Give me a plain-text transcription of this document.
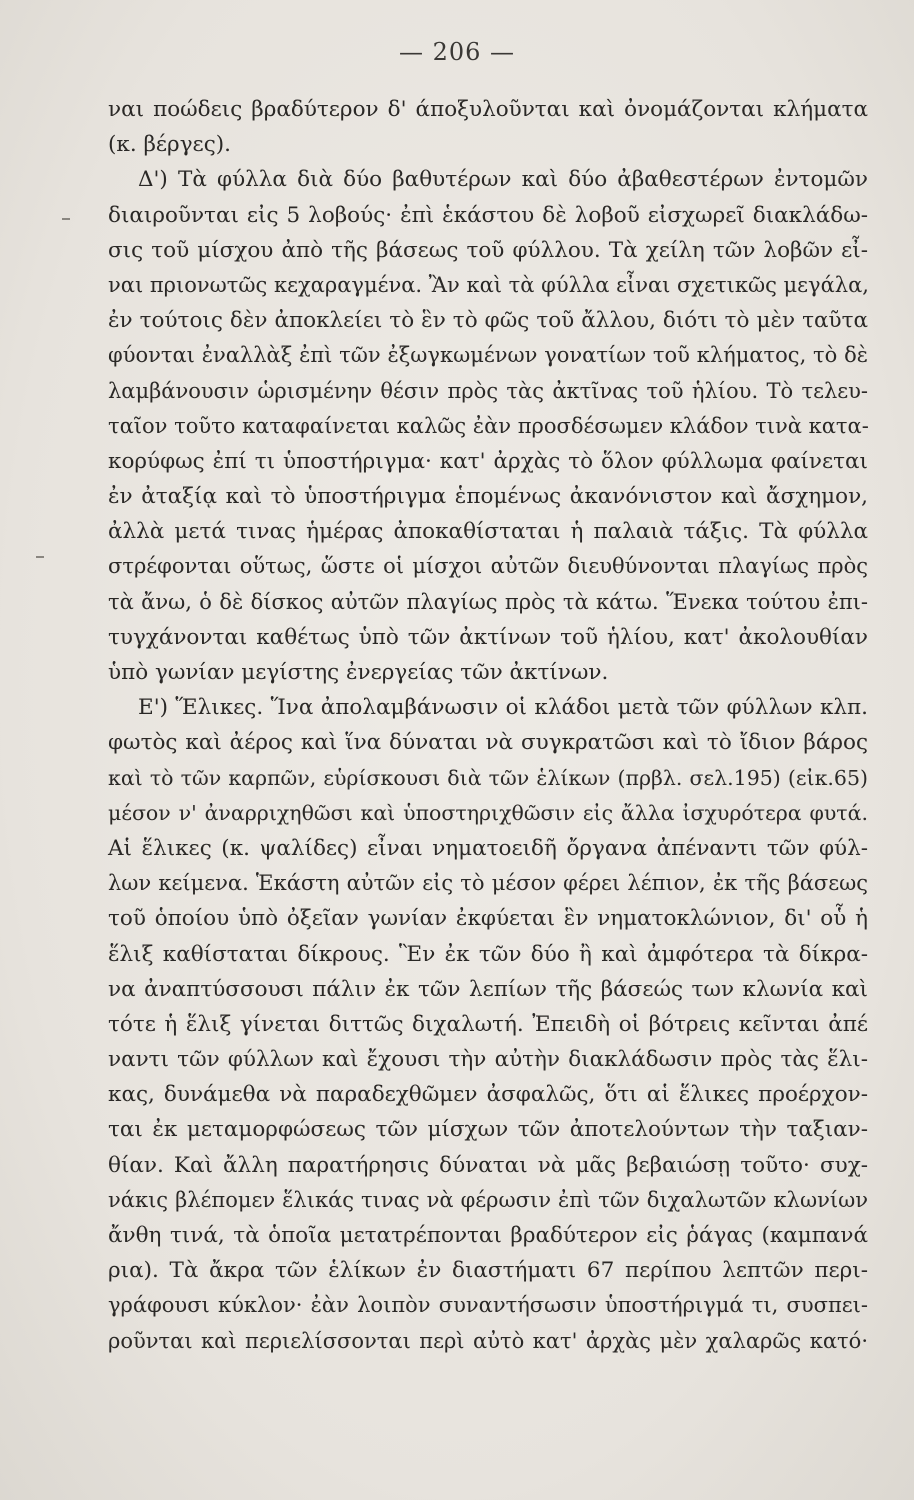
— 206 —
ναι ποώδεις βραδύτερον δ' άποξυλοῦνται καὶ ὀνομάζονται κλήματα
(κ. βέργες).
Δ') Τὰ φύλλα διὰ δύο βαθυτέρων καὶ δύο ἀβαθεστέρων ἐντομῶν
διαιροῦνται εἰς 5 λοβούς· ἐπὶ ἑκάστου δὲ λοβοῦ εἰσχωρεῖ διακλάδω-
σις τοῦ μίσχου ἀπὸ τῆς βάσεως τοῦ φύλλου. Τὰ χείλη τῶν λοβῶν εἶ-
ναι πριονωτῶς κεχαραγμένα. Ἂν καὶ τὰ φύλλα εἶναι σχετικῶς μεγάλα,
ἐν τούτοις δὲν ἀποκλείει τὸ ἓν τὸ φῶς τοῦ ἄλλου, διότι τὸ μὲν ταῦτα
φύονται ἐναλλὰξ ἐπὶ τῶν ἐξωγκωμένων γονατίων τοῦ κλήματος, τὸ δὲ
λαμβάνουσιν ὡρισμένην θέσιν πρὸς τὰς ἀκτῖνας τοῦ ἡλίου. Τὸ τελευ-
ταῖον τοῦτο καταφαίνεται καλῶς ἐὰν προσδέσωμεν κλάδον τινὰ κατα-
κορύφως ἐπί τι ὑποστήριγμα· κατ' ἀρχὰς τὸ ὅλον φύλλωμα φαίνεται
ἐν ἀταξίᾳ καὶ τὸ ὑποστήριγμα ἑπομένως ἀκανόνιστον καὶ ἄσχημον,
ἀλλὰ μετά τινας ἡμέρας ἀποκαθίσταται ἡ παλαιὰ τάξις. Τὰ φύλλα
στρέφονται οὕτως, ὥστε οἱ μίσχοι αὐτῶν διευθύνονται πλαγίως πρὸς
τὰ ἄνω, ὁ δὲ δίσκος αὐτῶν πλαγίως πρὸς τὰ κάτω. Ἕνεκα τούτου ἐπι-
τυγχάνονται καθέτως ὑπὸ τῶν ἀκτίνων τοῦ ἡλίου, κατ' ἀκολουθίαν
ὑπὸ γωνίαν μεγίστης ἐνεργείας τῶν ἀκτίνων.
Ε') Ἕλικες. Ἵνα ἀπολαμβάνωσιν οἱ κλάδοι μετὰ τῶν φύλλων κλπ.
φωτὸς καὶ ἀέρος καὶ ἵνα δύναται νὰ συγκρατῶσι καὶ τὸ ἴδιον βάρος
καὶ τὸ τῶν καρπῶν, εὑρίσκουσι διὰ τῶν ἑλίκων (πρβλ. σελ.195) (εἰκ.65)
μέσον ν' ἀναρριχηθῶσι καὶ ὑποστηριχθῶσιν εἰς ἄλλα ἰσχυρότερα φυτά.
Αἱ ἕλικες (κ. ψαλίδες) εἶναι νηματοειδῆ ὄργανα ἀπέναντι τῶν φύλ-
λων κείμενα. Ἑκάστη αὐτῶν εἰς τὸ μέσον φέρει λέπιον, ἐκ τῆς βάσεως
τοῦ ὁποίου ὑπὸ ὀξεῖαν γωνίαν ἐκφύεται ἓν νηματοκλώνιον, δι' οὗ ἡ
ἕλιξ καθίσταται δίκρους. Ἓν ἐκ τῶν δύο ἢ καὶ ἀμφότερα τὰ δίκρα-
να ἀναπτύσσουσι πάλιν ἐκ τῶν λεπίων τῆς βάσεώς των κλωνία καὶ
τότε ἡ ἕλιξ γίνεται διττῶς διχαλωτή. Ἐπειδὴ οἱ βότρεις κεῖνται ἀπέ
ναντι τῶν φύλλων καὶ ἔχουσι τὴν αὐτὴν διακλάδωσιν πρὸς τὰς ἕλι-
κας, δυνάμεθα νὰ παραδεχθῶμεν ἀσφαλῶς, ὅτι αἱ ἕλικες προέρχον-
ται ἐκ μεταμορφώσεως τῶν μίσχων τῶν ἀποτελούντων τὴν ταξιαν-
θίαν. Καὶ ἄλλη παρατήρησις δύναται νὰ μᾶς βεβαιώσῃ τοῦτο· συχ-
νάκις βλέπομεν ἕλικάς τινας νὰ φέρωσιν ἐπὶ τῶν διχαλωτῶν κλωνίων
ἄνθη τινά, τὰ ὁποῖα μετατρέπονται βραδύτερον εἰς ῥάγας (καμπανά
ρια). Τὰ ἄκρα τῶν ἑλίκων ἐν διαστήματι 67 περίπου λεπτῶν περι-
γράφουσι κύκλον· ἐὰν λοιπὸν συναντήσωσιν ὑποστήριγμά τι, συσπει-
ροῦνται καὶ περιελίσσονται περὶ αὐτὸ κατ' ἀρχὰς μὲν χαλαρῶς κατό·
